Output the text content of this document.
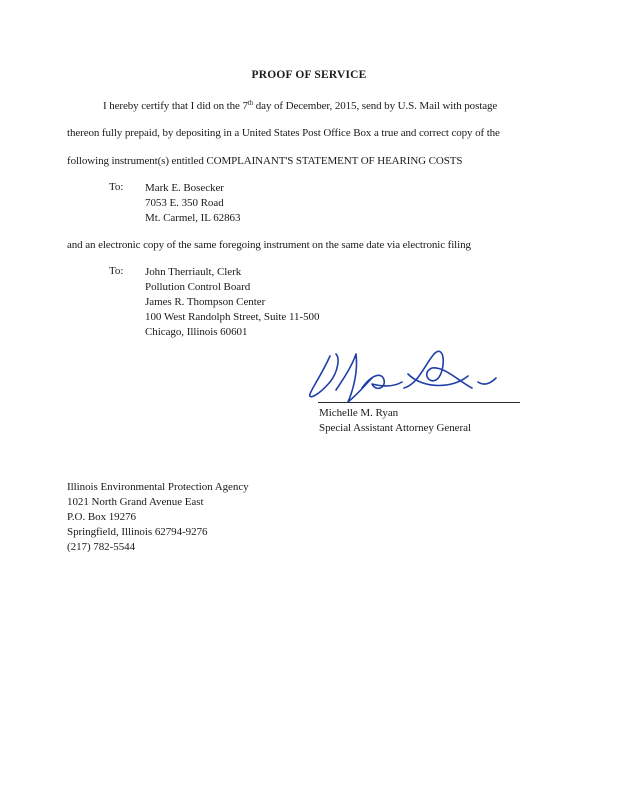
PROOF OF SERVICE
I hereby certify that I did on the 7th day of December, 2015, send by U.S. Mail with postage
thereon fully prepaid, by depositing in a United States Post Office Box a true and correct copy of the
following instrument(s) entitled COMPLAINANT'S STATEMENT OF HEARING COSTS
To: Mark E. Bosecker
7053 E. 350 Road
Mt. Carmel, IL 62863
and an electronic copy of the same foregoing instrument on the same date via electronic filing
To: John Therriault, Clerk
Pollution Control Board
James R. Thompson Center
100 West Randolph Street, Suite 11-500
Chicago, Illinois 60601
Michelle M. Ryan
Special Assistant Attorney General
Illinois Environmental Protection Agency
1021 North Grand Avenue East
P.O. Box 19276
Springfield, Illinois 62794-9276
(217) 782-5544
